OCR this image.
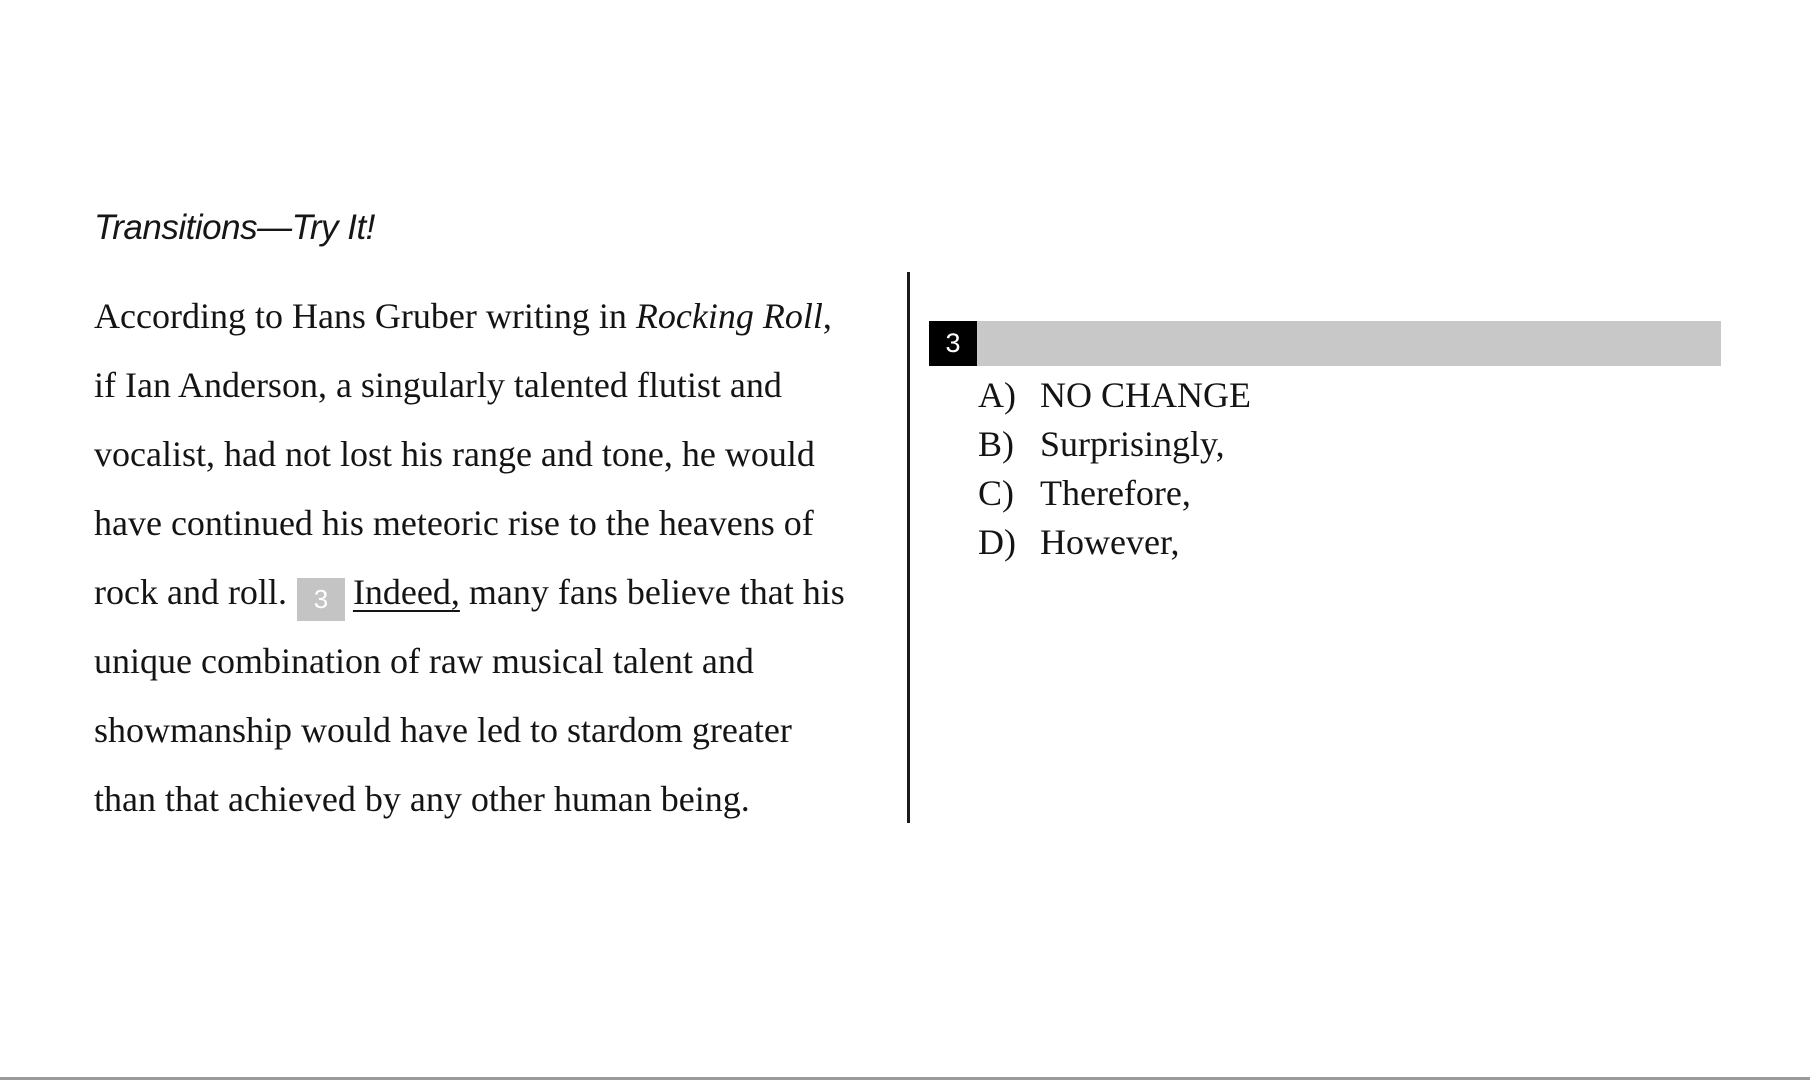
Transitions—Try It!
According to Hans Gruber writing in Rocking Roll,
if Ian Anderson, a singularly talented flutist and
vocalist, had not lost his range and tone, he would
have continued his meteoric rise to the heavens of
rock and roll. 3 Indeed, many fans believe that his
unique combination of raw musical talent and
showmanship would have led to stardom greater
than that achieved by any other human being.
3
A) NO CHANGE
B) Surprisingly,
C) Therefore,
D) However,
